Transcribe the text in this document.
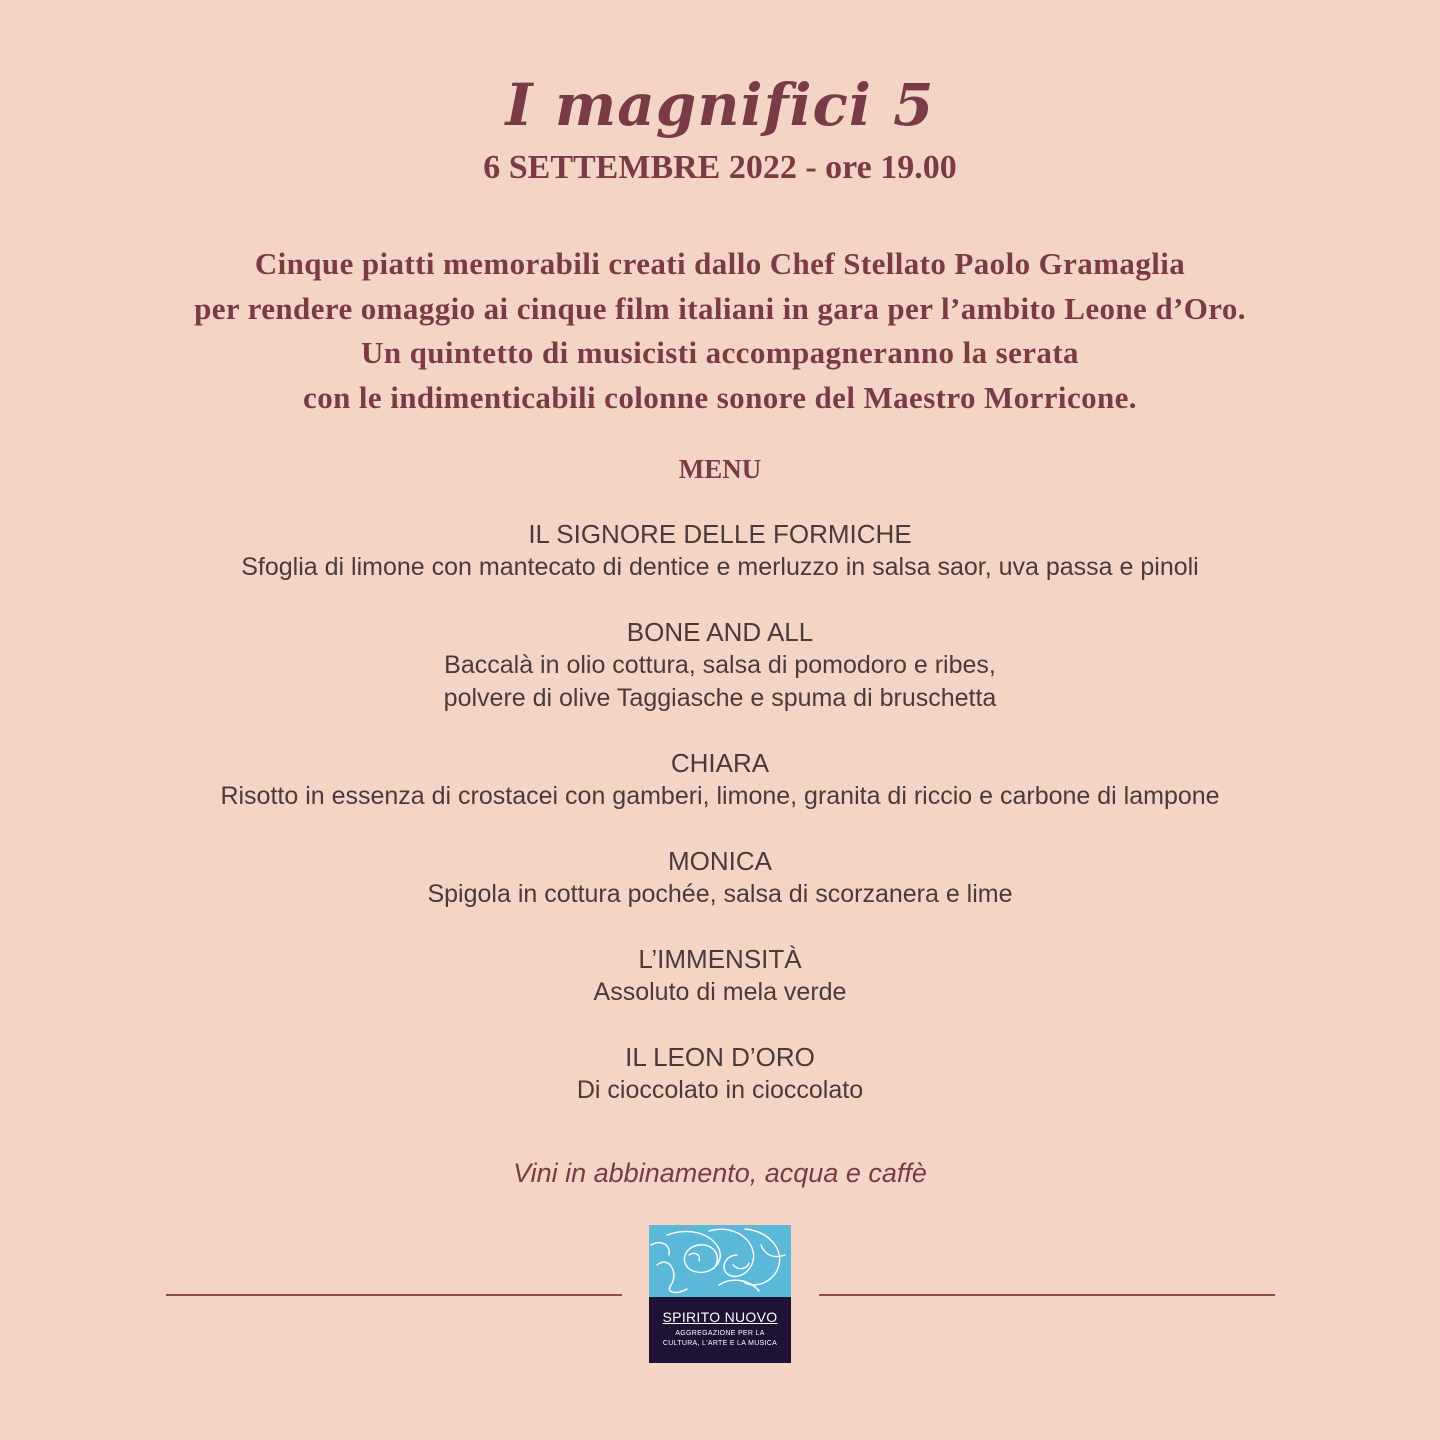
I magnifici 5
6 SETTEMBRE 2022 - ore 19.00
Cinque piatti memorabili creati dallo Chef Stellato Paolo Gramaglia
per rendere omaggio ai cinque film italiani in gara per l’ambito Leone d’Oro.
Un quintetto di musicisti accompagneranno la serata
con le indimenticabili colonne sonore del Maestro Morricone.
MENU
IL SIGNORE DELLE FORMICHE
Sfoglia di limone con mantecato di dentice e merluzzo in salsa saor, uva passa e pinoli
BONE AND ALL
Baccalà in olio cottura, salsa di pomodoro e ribes,
polvere di olive Taggiasche e spuma di bruschetta
CHIARA
Risotto in essenza di crostacei con gamberi, limone, granita di riccio e carbone di lampone
MONICA
Spigola in cottura pochée, salsa di scorzanera e lime
L’IMMENSITÀ
Assoluto di mela verde
IL LEON D’ORO
Di cioccolato in cioccolato
Vini in abbinamento, acqua e caffè
SPIRITO NUOVO
AGGREGAZIONE PER LA
CULTURA, L'ARTE E LA MUSICA
